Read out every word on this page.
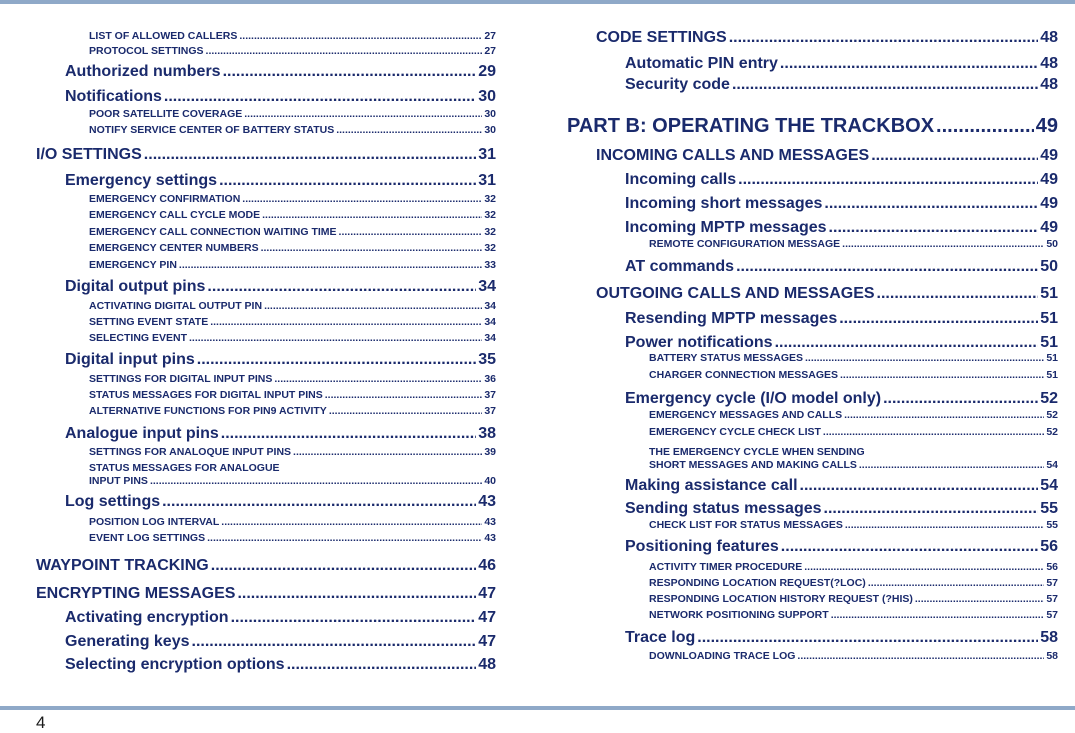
LIST OF ALLOWED CALLERS .....	27
PROTOCOL SETTINGS .....	27
Authorized numbers .....	29
Notifications .....	30
POOR SATELLITE COVERAGE .....	30
NOTIFY SERVICE CENTER OF BATTERY STATUS .....	30
I/O SETTINGS .....	31
Emergency settings .....	31
EMERGENCY CONFIRMATION .....	32
EMERGENCY CALL CYCLE MODE .....	32
EMERGENCY CALL CONNECTION WAITING TIME .....	32
EMERGENCY CENTER NUMBERS .....	32
EMERGENCY PIN .....	33
Digital output pins .....	34
ACTIVATING DIGITAL OUTPUT PIN .....	34
SETTING EVENT STATE .....	34
SELECTING EVENT .....	34
Digital input pins .....	35
SETTINGS FOR DIGITAL INPUT PINS .....	36
STATUS MESSAGES FOR DIGITAL INPUT PINS .....	37
ALTERNATIVE FUNCTIONS FOR PIN9 ACTIVITY .....	37
Analogue input pins .....	38
SETTINGS FOR ANALOQUE INPUT PINS .....	39
STATUS MESSAGES FOR ANALOGUE
INPUT PINS .....	40
Log settings .....	43
POSITION LOG INTERVAL .....	43
EVENT LOG SETTINGS .....	43
WAYPOINT TRACKING .....	46
ENCRYPTING MESSAGES .....	47
Activating encryption .....	47
Generating keys .....	47
Selecting encryption options .....	48
CODE SETTINGS .....	48
Automatic PIN entry .....	48
Security code .....	48
PART B: OPERATING THE TRACKBOX .....	49
INCOMING CALLS AND MESSAGES .....	49
Incoming calls .....	49
Incoming short messages .....	49
Incoming MPTP messages .....	49
REMOTE CONFIGURATION MESSAGE .....	50
AT commands .....	50
OUTGOING CALLS AND MESSAGES .....	51
Resending MPTP messages .....	51
Power notifications .....	51
BATTERY STATUS MESSAGES .....	51
CHARGER CONNECTION MESSAGES .....	51
Emergency cycle (I/O model only) .....	52
EMERGENCY MESSAGES AND CALLS .....	52
EMERGENCY CYCLE CHECK LIST .....	52
THE EMERGENCY CYCLE WHEN SENDING
SHORT MESSAGES AND MAKING CALLS .....	54
Making assistance call .....	54
Sending status messages .....	55
CHECK LIST FOR STATUS MESSAGES .....	55
Positioning features .....	56
ACTIVITY TIMER PROCEDURE .....	56
RESPONDING LOCATION REQUEST(?LOC) .....	57
RESPONDING LOCATION HISTORY REQUEST (?HIS) .....	57
NETWORK POSITIONING SUPPORT .....	57
Trace log .....	58
DOWNLOADING TRACE LOG .....	58
4
